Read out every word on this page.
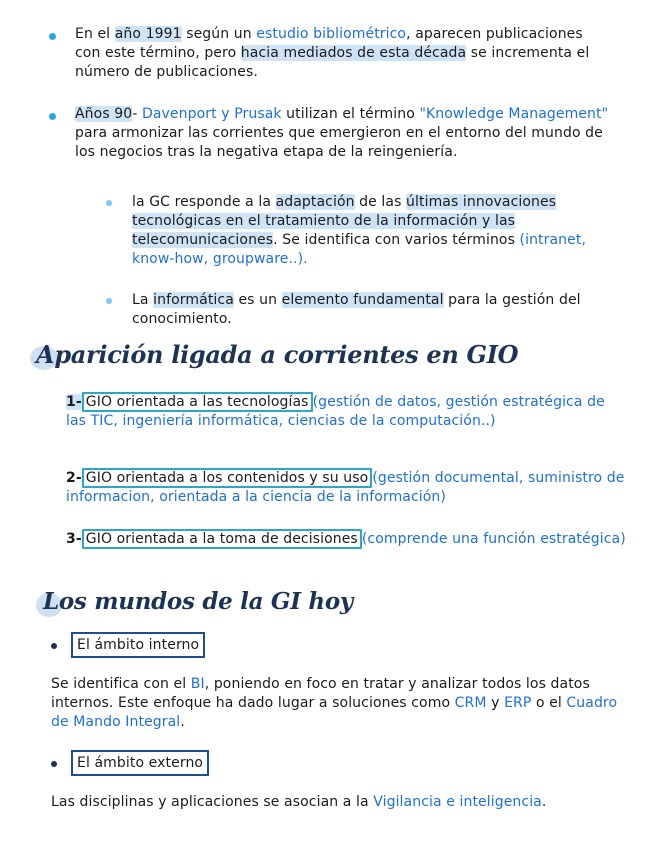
En el año 1991 según un estudio bibliométrico, aparecen publicaciones con este término, pero hacia mediados de esta década se incrementa el número de publicaciones.
Años 90- Davenport y Prusak utilizan el término "Knowledge Management" para armonizar las corrientes que emergieron en el entorno del mundo de los negocios tras la negativa etapa de la reingeniería.
la GC responde a la adaptación de las últimas innovaciones tecnológicas en el tratamiento de la información y las telecomunicaciones. Se identifica con varios términos (intranet, know-how, groupware..).
La informática es un elemento fundamental para la gestión del conocimiento.
Aparición ligada a corrientes en GIO
1- GIO orientada a las tecnologías (gestión de datos, gestión estratégica de las TIC, ingeniería informática, ciencias de la computación..)
2- GIO orientada a los contenidos y su uso (gestión documental, suministro de informacion, orientada a la ciencia de la información)
3- GIO orientada a la toma de decisiones (comprende una función estratégica)
Los mundos de la GI hoy
El ámbito interno
Se identifica con el BI, poniendo en foco en tratar y analizar todos los datos internos. Este enfoque ha dado lugar a soluciones como CRM y ERP o el Cuadro de Mando Integral.
El ámbito externo
Las disciplinas y aplicaciones se asocian a la Vigilancia e inteligencia.
